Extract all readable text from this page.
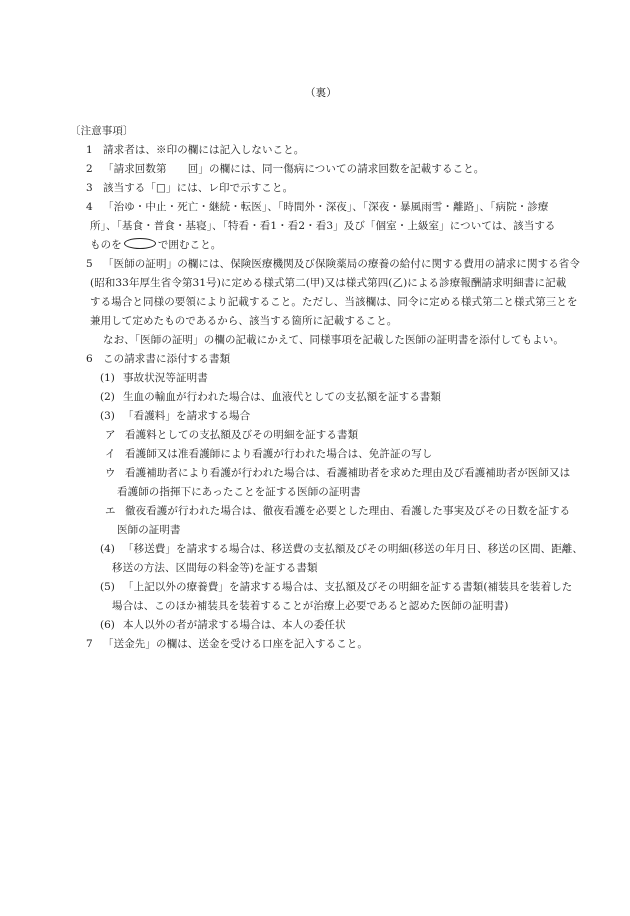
（裏）
〔注意事項〕
1 請求者は、※印の欄には記入しないこと。
2 「請求回数第　　回」の欄には、同一傷病についての請求回数を記載すること。
3 該当する「□」には、レ印で示すこと。
4 「治ゆ・中止・死亡・継続・転医」、「時間外・深夜」、「深夜・暴風雨雪・離路」、「病院・診療
所」、「基食・普食・基寝」、「特看・看1・看2・看3」及び「個室・上級室」については、該当する
ものを	で囲むこと。
5 「医師の証明」の欄には、保険医療機関及び保険薬局の療養の給付に関する費用の請求に関する省令
(昭和33年厚生省令第31号)に定める様式第二(甲)又は様式第四(乙)による診療報酬請求明細書に記載
する場合と同様の要領により記載すること。ただし、当該欄は、同令に定める様式第二と様式第三とを
兼用して定めたものであるから、該当する箇所に記載すること。
なお、「医師の証明」の欄の記載にかえて、同様事項を記載した医師の証明書を添付してもよい。
6 この請求書に添付する書類
(1) 事故状況等証明書
(2) 生血の輸血が行われた場合は、血液代としての支払額を証する書類
(3) 「看護料」を請求する場合
ア 看護料としての支払額及びその明細を証する書類
イ 看護師又は准看護師により看護が行われた場合は、免許証の写し
ウ 看護補助者により看護が行われた場合は、看護補助者を求めた理由及び看護補助者が医師又は
看護師の指揮下にあったことを証する医師の証明書
エ 徹夜看護が行われた場合は、徹夜看護を必要とした理由、看護した事実及びその日数を証する
医師の証明書
(4) 「移送費」を請求する場合は、移送費の支払額及びその明細(移送の年月日、移送の区間、距離、
移送の方法、区間毎の料金等)を証する書類
(5) 「上記以外の療養費」を請求する場合は、支払額及びその明細を証する書類(補装具を装着した
場合は、このほか補装具を装着することが治療上必要であると認めた医師の証明書)
(6) 本人以外の者が請求する場合は、本人の委任状
7 「送金先」の欄は、送金を受ける口座を記入すること。
